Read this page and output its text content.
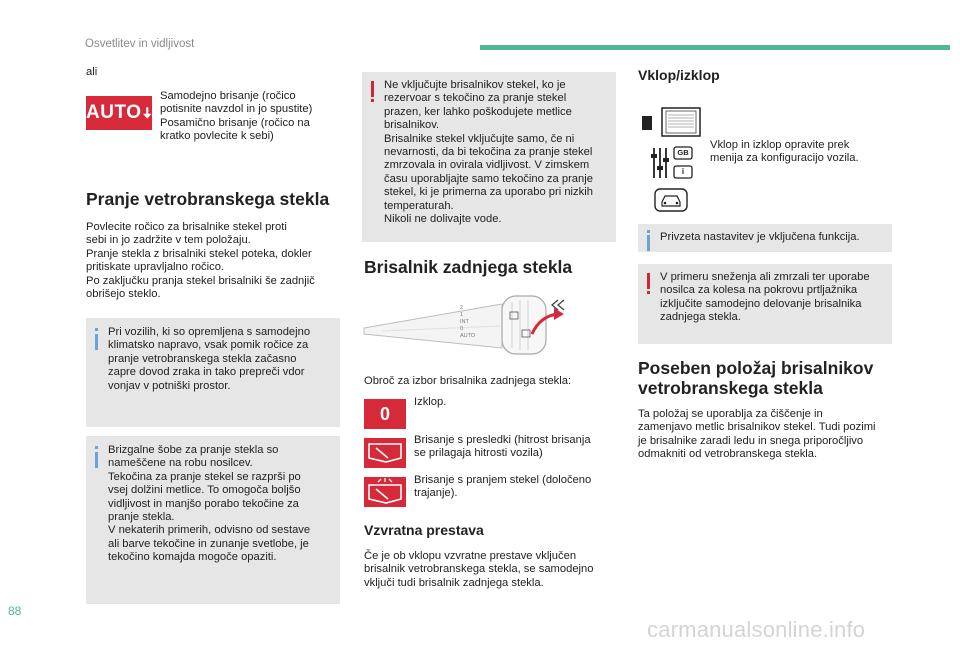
Osvetlitev in vidljivost
ali
AUTO
Samodejno brisanje (ročico
potisnite navzdol in jo spustite)
Posamično brisanje (ročico na
kratko povlecite k sebi)
Pranje vetrobranskega stekla
Povlecite ročico za brisalnike stekel proti
sebi in jo zadržite v tem položaju.
Pranje stekla z brisalniki stekel poteka, dokler
pritiskate upravljalno ročico.
Po zaključku pranja stekel brisalniki še zadnjič
obrišejo steklo.
Pri vozilih, ki so opremljena s samodejno
klimatsko napravo, vsak pomik ročice za
pranje vetrobranskega stekla začasno
zapre dovod zraka in tako prepreči vdor
vonjav v potniški prostor.
Brizgalne šobe za pranje stekla so
nameščene na robu nosilcev.
Tekočina za pranje stekel se razprši po
vsej dolžini metlice. To omogoča boljšo
vidljivost in manjšo porabo tekočine za
pranje stekla.
V nekaterih primerih, odvisno od sestave
ali barve tekočine in zunanje svetlobe, je
tekočino komajda mogoče opaziti.
Ne vključujte brisalnikov stekel, ko je
rezervoar s tekočino za pranje stekel
prazen, ker lahko poškodujete metlice
brisalnikov.
Brisalnike stekel vključujte samo, če ni
nevarnosti, da bi tekočina za pranje stekel
zmrzovala in ovirala vidljivost. V zimskem
času uporabljajte samo tekočino za pranje
stekel, ki je primerna za uporabo pri nizkih
temperaturah.
Nikoli ne dolivajte vode.
Brisalnik zadnjega stekla
2
1
INT
0
AUTO
Obroč za izbor brisalnika zadnjega stekla:
0
Izklop.
Brisanje s presledki (hitrost brisanja
se prilagaja hitrosti vozila)
Brisanje s pranjem stekel (določeno
trajanje).
Vzvratna prestava
Če je ob vklopu vzvratne prestave vključen
brisalnik vetrobranskega stekla, se samodejno
vključi tudi brisalnik zadnjega stekla.
Vklop/izklop
GB
i
Vklop in izklop opravite prek
menija za konfiguracijo vozila.
Privzeta nastavitev je vključena funkcija.
V primeru sneženja ali zmrzali ter uporabe
nosilca za kolesa na pokrovu prtljažnika
izključite samodejno delovanje brisalnika
zadnjega stekla.
Poseben položaj brisalnikov
vetrobranskega stekla
Ta položaj se uporablja za čiščenje in
zamenjavo metlic brisalnikov stekel. Tudi pozimi
je brisalnike zaradi ledu in snega priporočljivo
odmakniti od vetrobranskega stekla.
88
carmanualsonline.info
